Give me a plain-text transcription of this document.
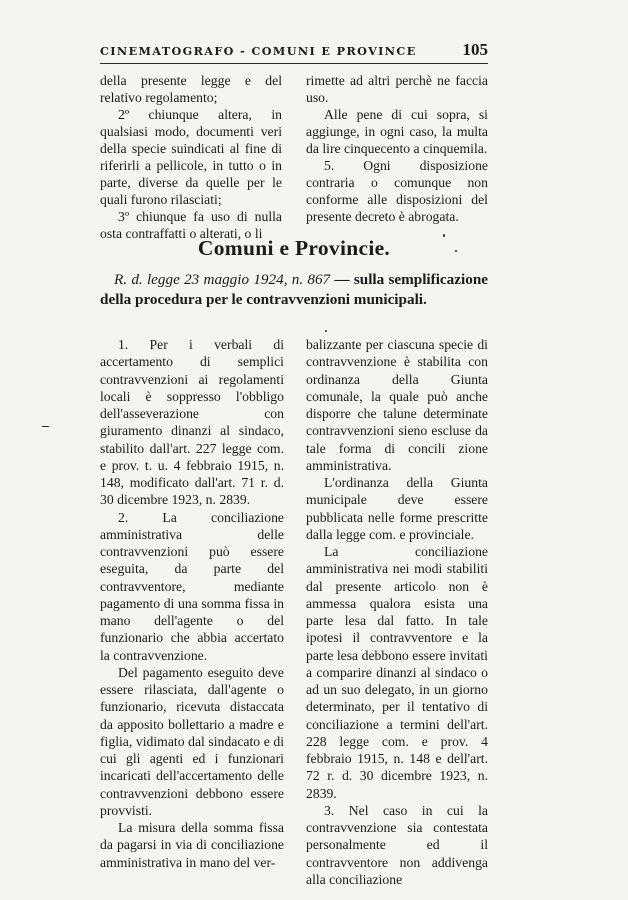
CINEMATOGRAFO - COMUNI E PROVINCE	105

della presente legge e del relativo regolamento;

2º chiunque altera, in qualsiasi modo, documenti veri della specie suindicati al fine di riferirli a pellicole, in tutto o in parte, diverse da quelle per le quali furono rilasciati;

3º chiunque fa uso di nulla osta contraffatti o alterati, o li

rimette ad altri perchè ne faccia uso.

Alle pene di cui sopra, si aggiunge, in ogni caso, la multa da lire cinquecento a cinquemila.

5. Ogni disposizione contraria o comunque non conforme alle disposizioni del presente decreto è abrogata.

Comuni e Provincie.

R. d. legge 23 maggio 1924, n. 867 — sulla semplificazione della procedura per le contravvenzioni municipali.

1. Per i verbali di accertamento di semplici contravvenzioni ai regolamenti locali è soppresso l'obbligo dell'asseverazione con giuramento dinanzi al sindaco, stabilito dall'art. 227 legge com. e prov. t. u. 4 febbraio 1915, n. 148, modificato dall'art. 71 r. d. 30 dicembre 1923, n. 2839.

2. La conciliazione amministrativa delle contravvenzioni può essere eseguita, da parte del contravventore, mediante pagamento di una somma fissa in mano dell'agente o del funzionario che abbia accertato la contravvenzione.

Del pagamento eseguito deve essere rilasciata, dall'agente o funzionario, ricevuta distaccata da apposito bollettario a madre e figlia, vidimato dal sindacato e di cui gli agenti ed i funzionari incaricati dell'accertamento delle contravvenzioni debbono essere provvisti.

La misura della somma fissa da pagarsi in via di conciliazione amministrativa in mano del ver-

balizzante per ciascuna specie di contravvenzione è stabilita con ordinanza della Giunta comunale, la quale può anche disporre che talune determinate contravvenzioni sieno escluse da tale forma di concili zione amministrativa.

L'ordinanza della Giunta municipale deve essere pubblicata nelle forme prescritte dalla legge com. e provinciale.

La conciliazione amministrativa nei modi stabiliti dal presente articolo non è ammessa qualora esista una parte lesa dal fatto. In tale ipotesi il contravventore e la parte lesa debbono essere invitati a comparire dinanzi al sindaco o ad un suo delegato, in un giorno determinato, per il tentativo di conciliazione a termini dell'art. 228 legge com. e prov. 4 febbraio 1915, n. 148 e dell'art. 72 r. d. 30 dicembre 1923, n. 2839.

3. Nel caso in cui la contravvenzione sia contestata personalmente ed il contravventore non addivenga alla conciliazione
